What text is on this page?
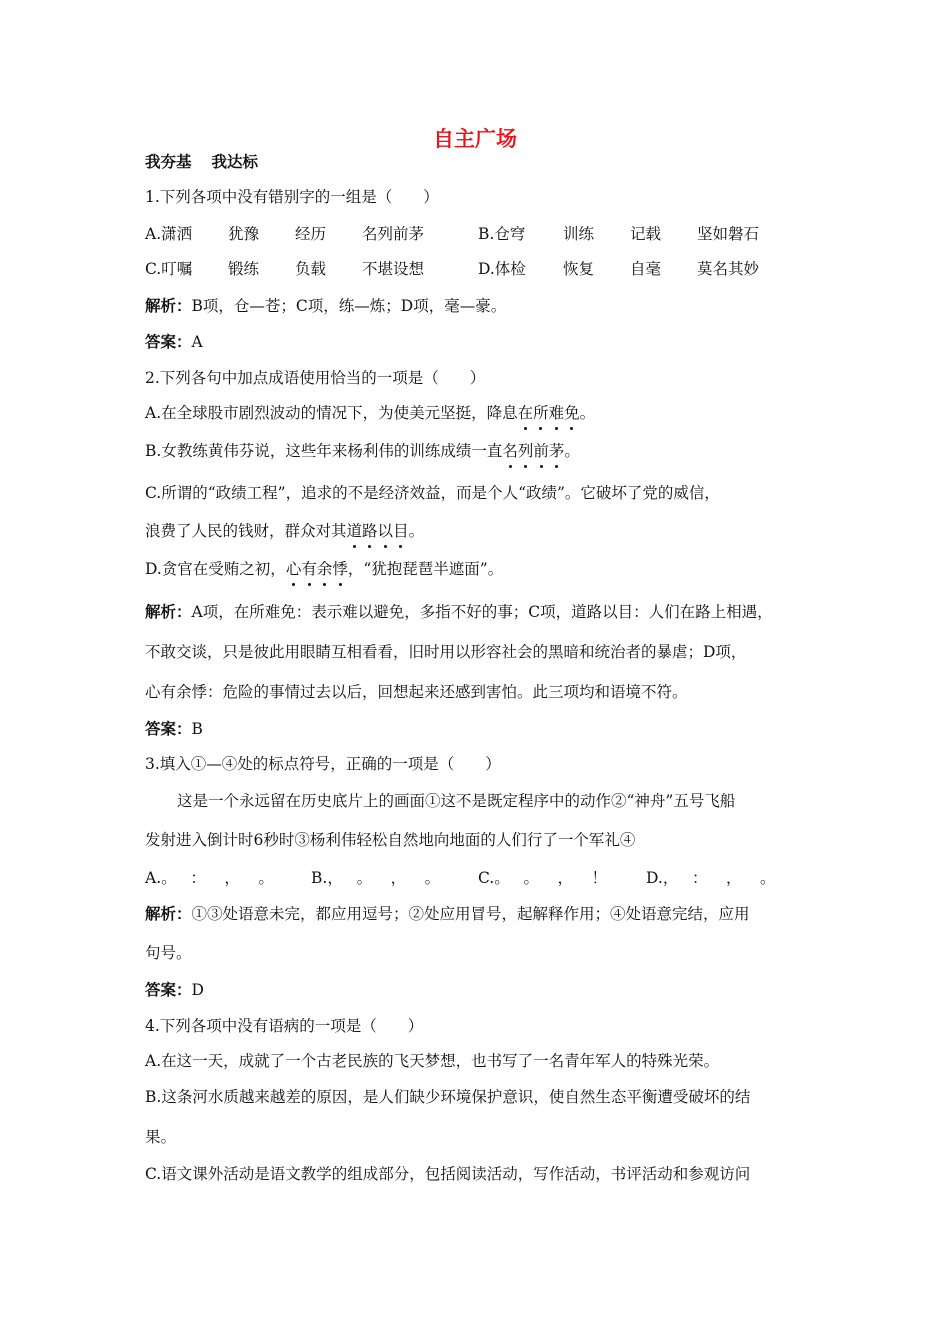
自主广场
我夯基 我达标
1.下列各项中没有错别字的一组是（　　）
A.潇洒 犹豫 经历 名列前茅	B.仓穹 训练 记载 坚如磐石
C.叮嘱 锻练 负载 不堪设想	D.体检 恢复 自毫 莫名其妙
解析：B项，仓—苍；C项，练—炼；D项，毫—豪。
答案：A
2.下列各句中加点成语使用恰当的一项是（　　）
A.在全球股市剧烈波动的情况下，为使美元坚挺，降息在所难免。
B.女教练黄伟芬说，这些年来杨利伟的训练成绩一直名列前茅。
C.所谓的“政绩工程”，追求的不是经济效益，而是个人“政绩”。它破坏了党的威信，
浪费了人民的钱财，群众对其道路以目。
D.贪官在受贿之初，心有余悸，“犹抱琵琶半遮面”。
解析：A项，在所难免：表示难以避免，多指不好的事；C项，道路以目：人们在路上相遇，
不敢交谈，只是彼此用眼睛互相看看，旧时用以形容社会的黑暗和统治者的暴虐；D项，
心有余悸：危险的事情过去以后，回想起来还感到害怕。此三项均和语境不符。
答案：B
3.填入①—④处的标点符号，正确的一项是（　　）
这是一个永远留在历史底片上的画面①这不是既定程序中的动作②“神舟”五号飞船
发射进入倒计时6秒时③杨利伟轻松自然地向地面的人们行了一个军礼④
A.。 ： ， 。	B.， 。 ， 。	C.。 。 ， ！	D.， ： ， 。
解析：①③处语意未完，都应用逗号；②处应用冒号，起解释作用；④处语意完结，应用
句号。
答案：D
4.下列各项中没有语病的一项是（　　）
A.在这一天，成就了一个古老民族的飞天梦想，也书写了一名青年军人的特殊光荣。
B.这条河水质越来越差的原因，是人们缺少环境保护意识，使自然生态平衡遭受破坏的结
果。
C.语文课外活动是语文教学的组成部分，包括阅读活动，写作活动，书评活动和参观访问
